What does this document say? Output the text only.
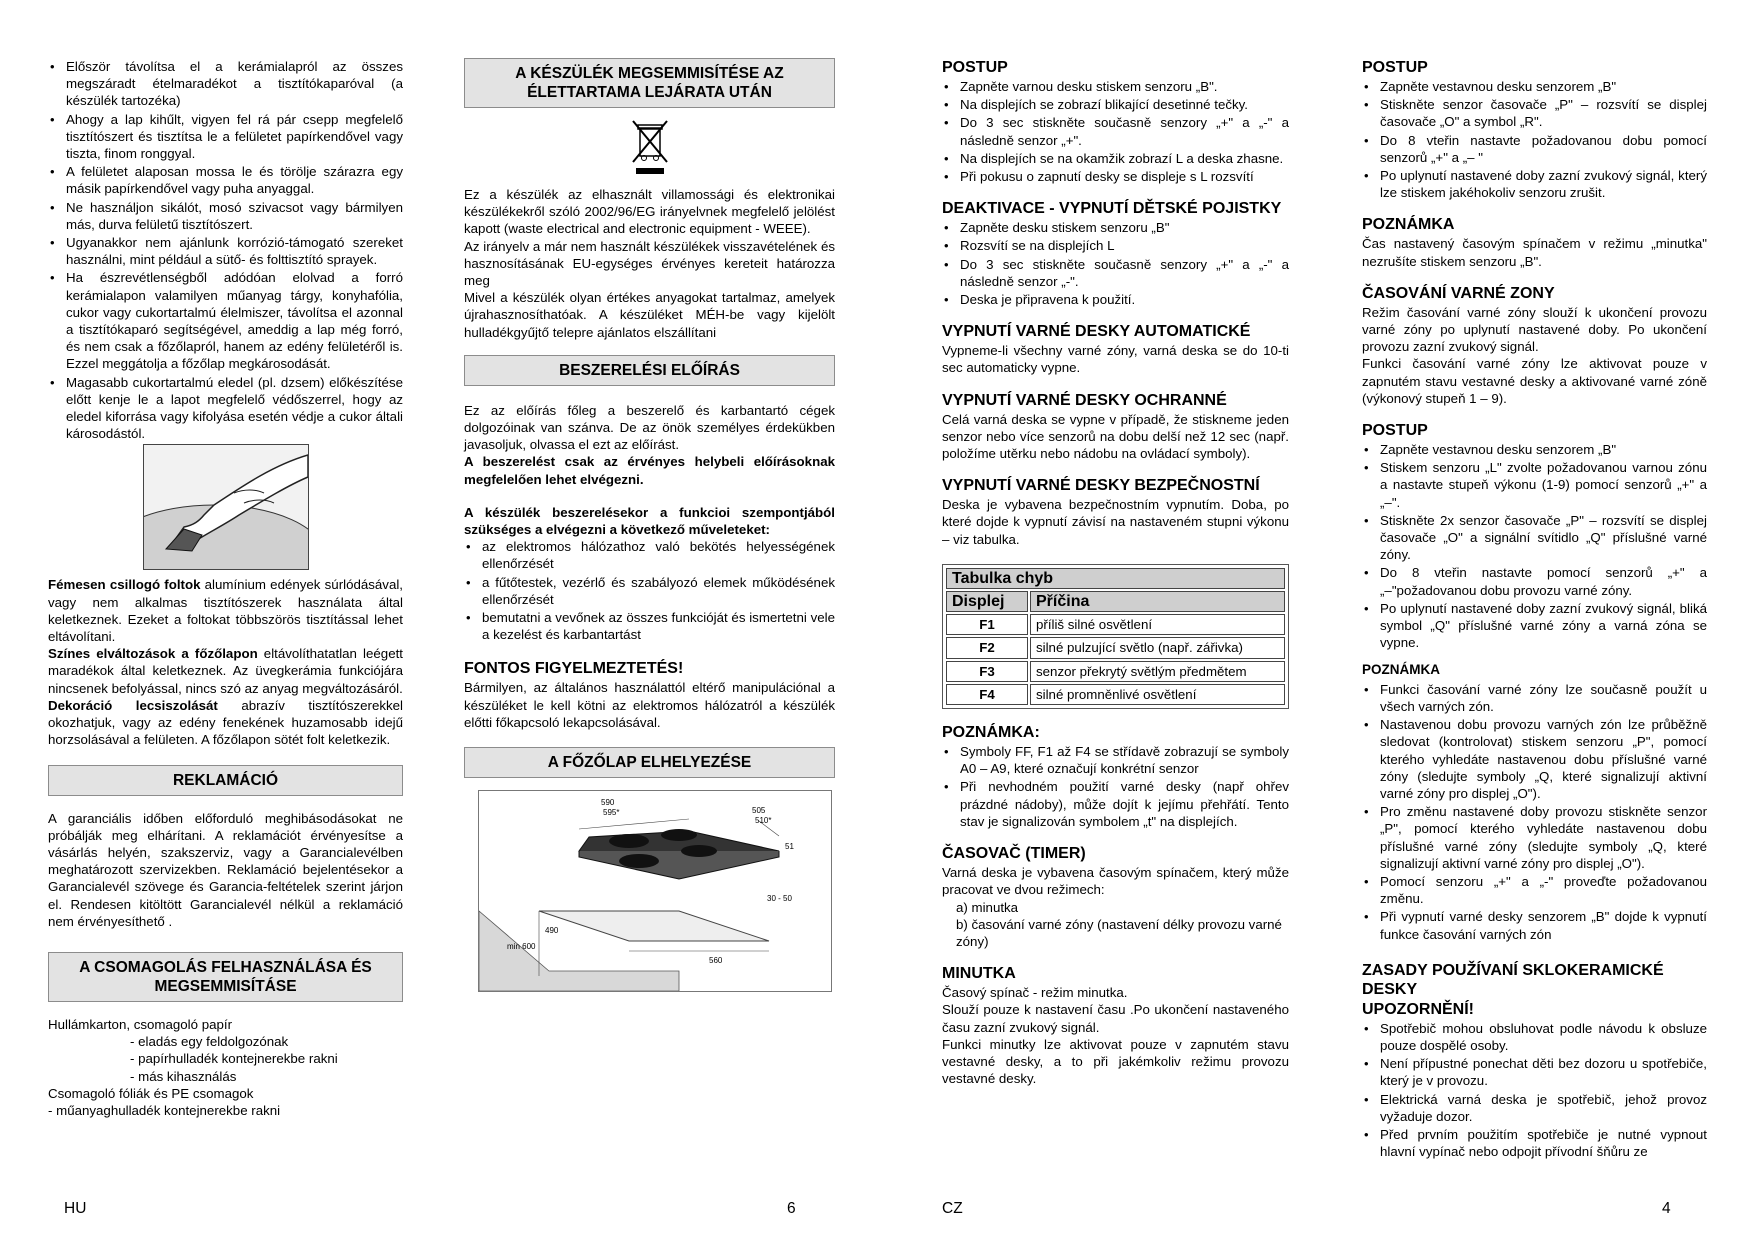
• Először távolítsa el a kerámialapról az összes megszáradt ételmaradékot a tisztítókaparóval (a készülék tartozéka)
• Ahogy a lap kihűlt, vigyen fel rá pár csepp megfelelő tisztítószert és tisztítsa le a felületet papírkendővel vagy tiszta, finom ronggyal.
• A felületet alaposan mossa le és törölje szárazra egy másik papírkendővel vagy puha anyaggal.
• Ne használjon sikálót, mosó szivacsot vagy bármilyen más, durva felületű tisztítószert.
• Ugyanakkor nem ajánlunk korrózió-támogató szereket használni, mint például a sütő- és folttisztító sprayek.
• Ha észrevétlenségből adódóan elolvad a forró kerámialapon valamilyen műanyag tárgy, konyhafólia, cukor vagy cukortartalmú élelmiszer, távolítsa el azonnal a tisztítókaparó segítségével, ameddig a lap még forró, és nem csak a főzőlapról, hanem az edény felületéről is. Ezzel meggátolja a főzőlap megkárosodását.
• Magasabb cukortartalmú eledel (pl. dzsem) előkészítése előtt kenje le a lapot megfelelő védőszerrel, hogy az eledel kiforrása vagy kifolyása esetén védje a cukor általi károsodástól.

Fémesen csillogó foltok alumínium edények súrlódásával, vagy nem alkalmas tisztítószerek használata által keletkeznek. Ezeket a foltokat többszörös tisztítással lehet eltávolítani.

Színes elváltozások a főzőlapon eltávolíthatatlan leégett maradékok által keletkeznek. Az üvegkerámia funkciójára nincsenek befolyással, nincs szó az anyag megváltozásáról.

Dekoráció lecsiszolását abrazív tisztítószerekkel okozhatjuk, vagy az edény fenekének huzamosabb idejű horzsolásával a felületen. A főzőlapon sötét folt keletkezik.

REKLAMÁCIÓ

A garanciális időben előforduló meghibásodásokat ne próbálják meg elhárítani. A reklamációt érvényesítse a vásárlás helyén, szakszerviz, vagy a Garancialevélben meghatározott szervizekben. Reklamáció bejelentésekor a Garancialevél szövege és Garancia-feltételek szerint járjon el. Rendesen kitöltött Garancialevél nélkül a reklamáció nem érvényesíthető .

A CSOMAGOLÁS FELHASZNÁLÁSA ÉS MEGSEMMISÍTÁSE

Hullámkarton, csomagoló papír

- eladás egy feldolgozónak

- papírhulladék kontejnerekbe rakni

- más kihasználás

Csomagoló fóliák és PE csomagok

- műanyaghulladék kontejnerekbe rakni

A KÉSZÜLÉK MEGSEMMISÍTÉSE AZ ÉLETTARTAMA LEJÁRATA UTÁN

Ez a készülék az elhasznált villamossági és elektronikai készülékekről szóló 2002/96/EG irányelvnek megfelelő jelölést kapott (waste electrical and electronic equipment - WEEE).

Az irányelv a már nem használt készülékek visszavételének és hasznosításának EU-egységes érvényes kereteit határozza meg

Mivel a készülék olyan értékes anyagokat tartalmaz, amelyek újrahasznosíthatóak. A készüléket MÉH-be vagy kijelölt hulladékgyűjtő telepre ajánlatos elszállítani

BESZERELÉSI ELŐÍRÁS

Ez az előírás főleg a beszerelő és karbantartó cégek dolgozóinak van szánva. De az önök személyes érdekükben javasoljuk, olvassa el ezt az előírást.

A beszerelést csak az érvényes helybeli előírásoknak megfelelően lehet elvégezni.

A készülék beszerelésekor a funkcioi szempontjából szükséges a elvégezni a következő műveleteket:

• az elektromos hálózathoz való bekötés helyességének ellenőrzését
• a fűtőtestek, vezérlő és szabályozó elemek működésének ellenőrzését
• bemutatni a vevőnek az összes funkcióját és ismertetni vele a kezelést és karbantartást
FONTOS FIGYELMEZTETÉS!

Bármilyen, az általános használattól eltérő manipulációnal a készüléket le kell kötni az elektromos hálózatról a készülék előtti főkapcsoló lekapcsolásával.

A FŐZŐLAP ELHELYEZÉSE
590
595*	505
510*
51
30 - 50
490
min 600
560
HU	6
POSTUP
• Zapněte varnou desku stiskem senzoru „B".
• Na displejích se zobrazí blikající desetinné tečky.
• Do 3 sec stiskněte současně senzory „+" a „-" a následně senzor „+".
• Na displejích se na okamžik zobrazí L a deska zhasne.
• Při pokusu o zapnutí desky se displeje s L rozsvítí
DEAKTIVACE - VYPNUTÍ DĚTSKÉ POJISTKY
• Zapněte desku stiskem senzoru „B"
• Rozsvítí se na displejích L
• Do 3 sec stiskněte současně senzory „+" a „-" a následně senzor „-".
• Deska je připravena k použití.
VYPNUTÍ VARNÉ DESKY AUTOMATICKÉ

Vypneme-li všechny varné zóny, varná deska se do 10-ti sec automaticky vypne.

VYPNUTÍ VARNÉ DESKY OCHRANNÉ

Celá varná deska se vypne v případě, že stiskneme jeden senzor nebo více senzorů na dobu delší než 12 sec (např. položíme utěrku nebo nádobu na ovládací symboly).

VYPNUTÍ VARNÉ DESKY BEZPEČNOSTNÍ

Deska je vybavena bezpečnostním vypnutím. Doba, po které dojde k vypnutí závisí na nastaveném stupni výkonu – viz tabulka.

Tabulka chyb	
Displej	Příčina
F1	příliš silné osvětlení
F2	silné pulzující světlo (např. zářivka)
F3	senzor překrytý světlým předmětem
F4	silné promněnlivé osvětlení
POZNÁMKA:
• Symboly FF, F1 až F4 se střídavě zobrazují se symboly A0 – A9, které označují konkrétní senzor
• Při nevhodném použití varné desky (např ohřev prázdné nádoby), může dojít k jejímu přehřátí. Tento stav je signalizován symbolem „t" na displejích.
ČASOVAČ (TIMER)

Varná deska je vybavena časovým spínačem, který může pracovat ve dvou režimech:

a) minutka

b) časování varné zóny (nastavení délky provozu varné zóny)

MINUTKA

Časový spínač - režim minutka.
Slouží pouze k nastavení času .Po ukončení nastaveného času zazní zvukový signál.
Funkci minutky lze aktivovat pouze v zapnutém stavu vestavné desky, a to při jakémkoliv režimu provozu vestavné desky.

CZ
POSTUP
• Zapněte vestavnou desku senzorem „B"
• Stiskněte senzor časovače „P" – rozsvítí se displej časovače „O" a symbol „R".
• Do 8 vteřin nastavte požadovanou dobu pomocí senzorů „+" a „– "
• Po uplynutí nastavené doby zazní zvukový signál, který lze stiskem jakéhokoliv senzoru zrušit.
POZNÁMKA

Čas nastavený časovým spínačem v režimu „minutka" nezrušíte stiskem senzoru „B".

ČASOVÁNÍ VARNÉ ZONY

Režim časování varné zóny slouží k ukončení provozu varné zóny po uplynutí nastavené doby. Po ukončení provozu zazní zvukový signál.
Funkci časování varné zóny lze aktivovat pouze v zapnutém stavu vestavné desky a aktivované varné zóně (výkonový stupeň 1 – 9).

POSTUP
• Zapněte vestavnou desku senzorem „B"
• Stiskem senzoru „L" zvolte požadovanou varnou zónu a nastavte stupeň výkonu (1-9) pomocí senzorů „+" a „–".
• Stiskněte 2x senzor časovače „P" – rozsvítí se displej časovače „O" a signální svítidlo „Q" příslušné varné zóny.
• Do 8 vteřin nastavte pomocí senzorů „+" a „–"požadovanou dobu provozu varné zóny.
• Po uplynutí nastavené doby zazní zvukový signál, bliká symbol „Q" příslušné varné zóny a varná zóna se vypne.
POZNÁMKA
• Funkci časování varné zóny lze současně použít u všech varných zón.
• Nastavenou dobu provozu varných zón lze průběžně sledovat (kontrolovat) stiskem senzoru „P", pomocí kterého vyhledáte nastavenou dobu příslušné varné zóny (sledujte symboly „Q, které signalizují aktivní varné zóny pro displej „O").
• Pro změnu nastavené doby provozu stiskněte senzor „P", pomocí kterého vyhledáte nastavenou dobu příslušné varné zóny (sledujte symboly „Q, které signalizují aktivní varné zóny pro displej „O").
• Pomocí senzoru „+" a „-" proveďte požadovanou změnu.
• Při vypnutí varné desky senzorem „B" dojde k vypnutí funkce časování varných zón
ZASADY POUŽÍVANÍ SKLOKERAMICKÉ DESKY
UPOZORNĚNÍ!
• Spotřebič mohou obsluhovat podle návodu k obsluze pouze dospělé osoby.
• Není přípustné ponechat děti bez dozoru u spotřebiče, který je v provozu.
• Elektrická varná deska je spotřebič, jehož provoz vyžaduje dozor.
• Před prvním použitím spotřebiče je nutné vypnout hlavní vypínač nebo odpojit přívodní šňůru ze
4
